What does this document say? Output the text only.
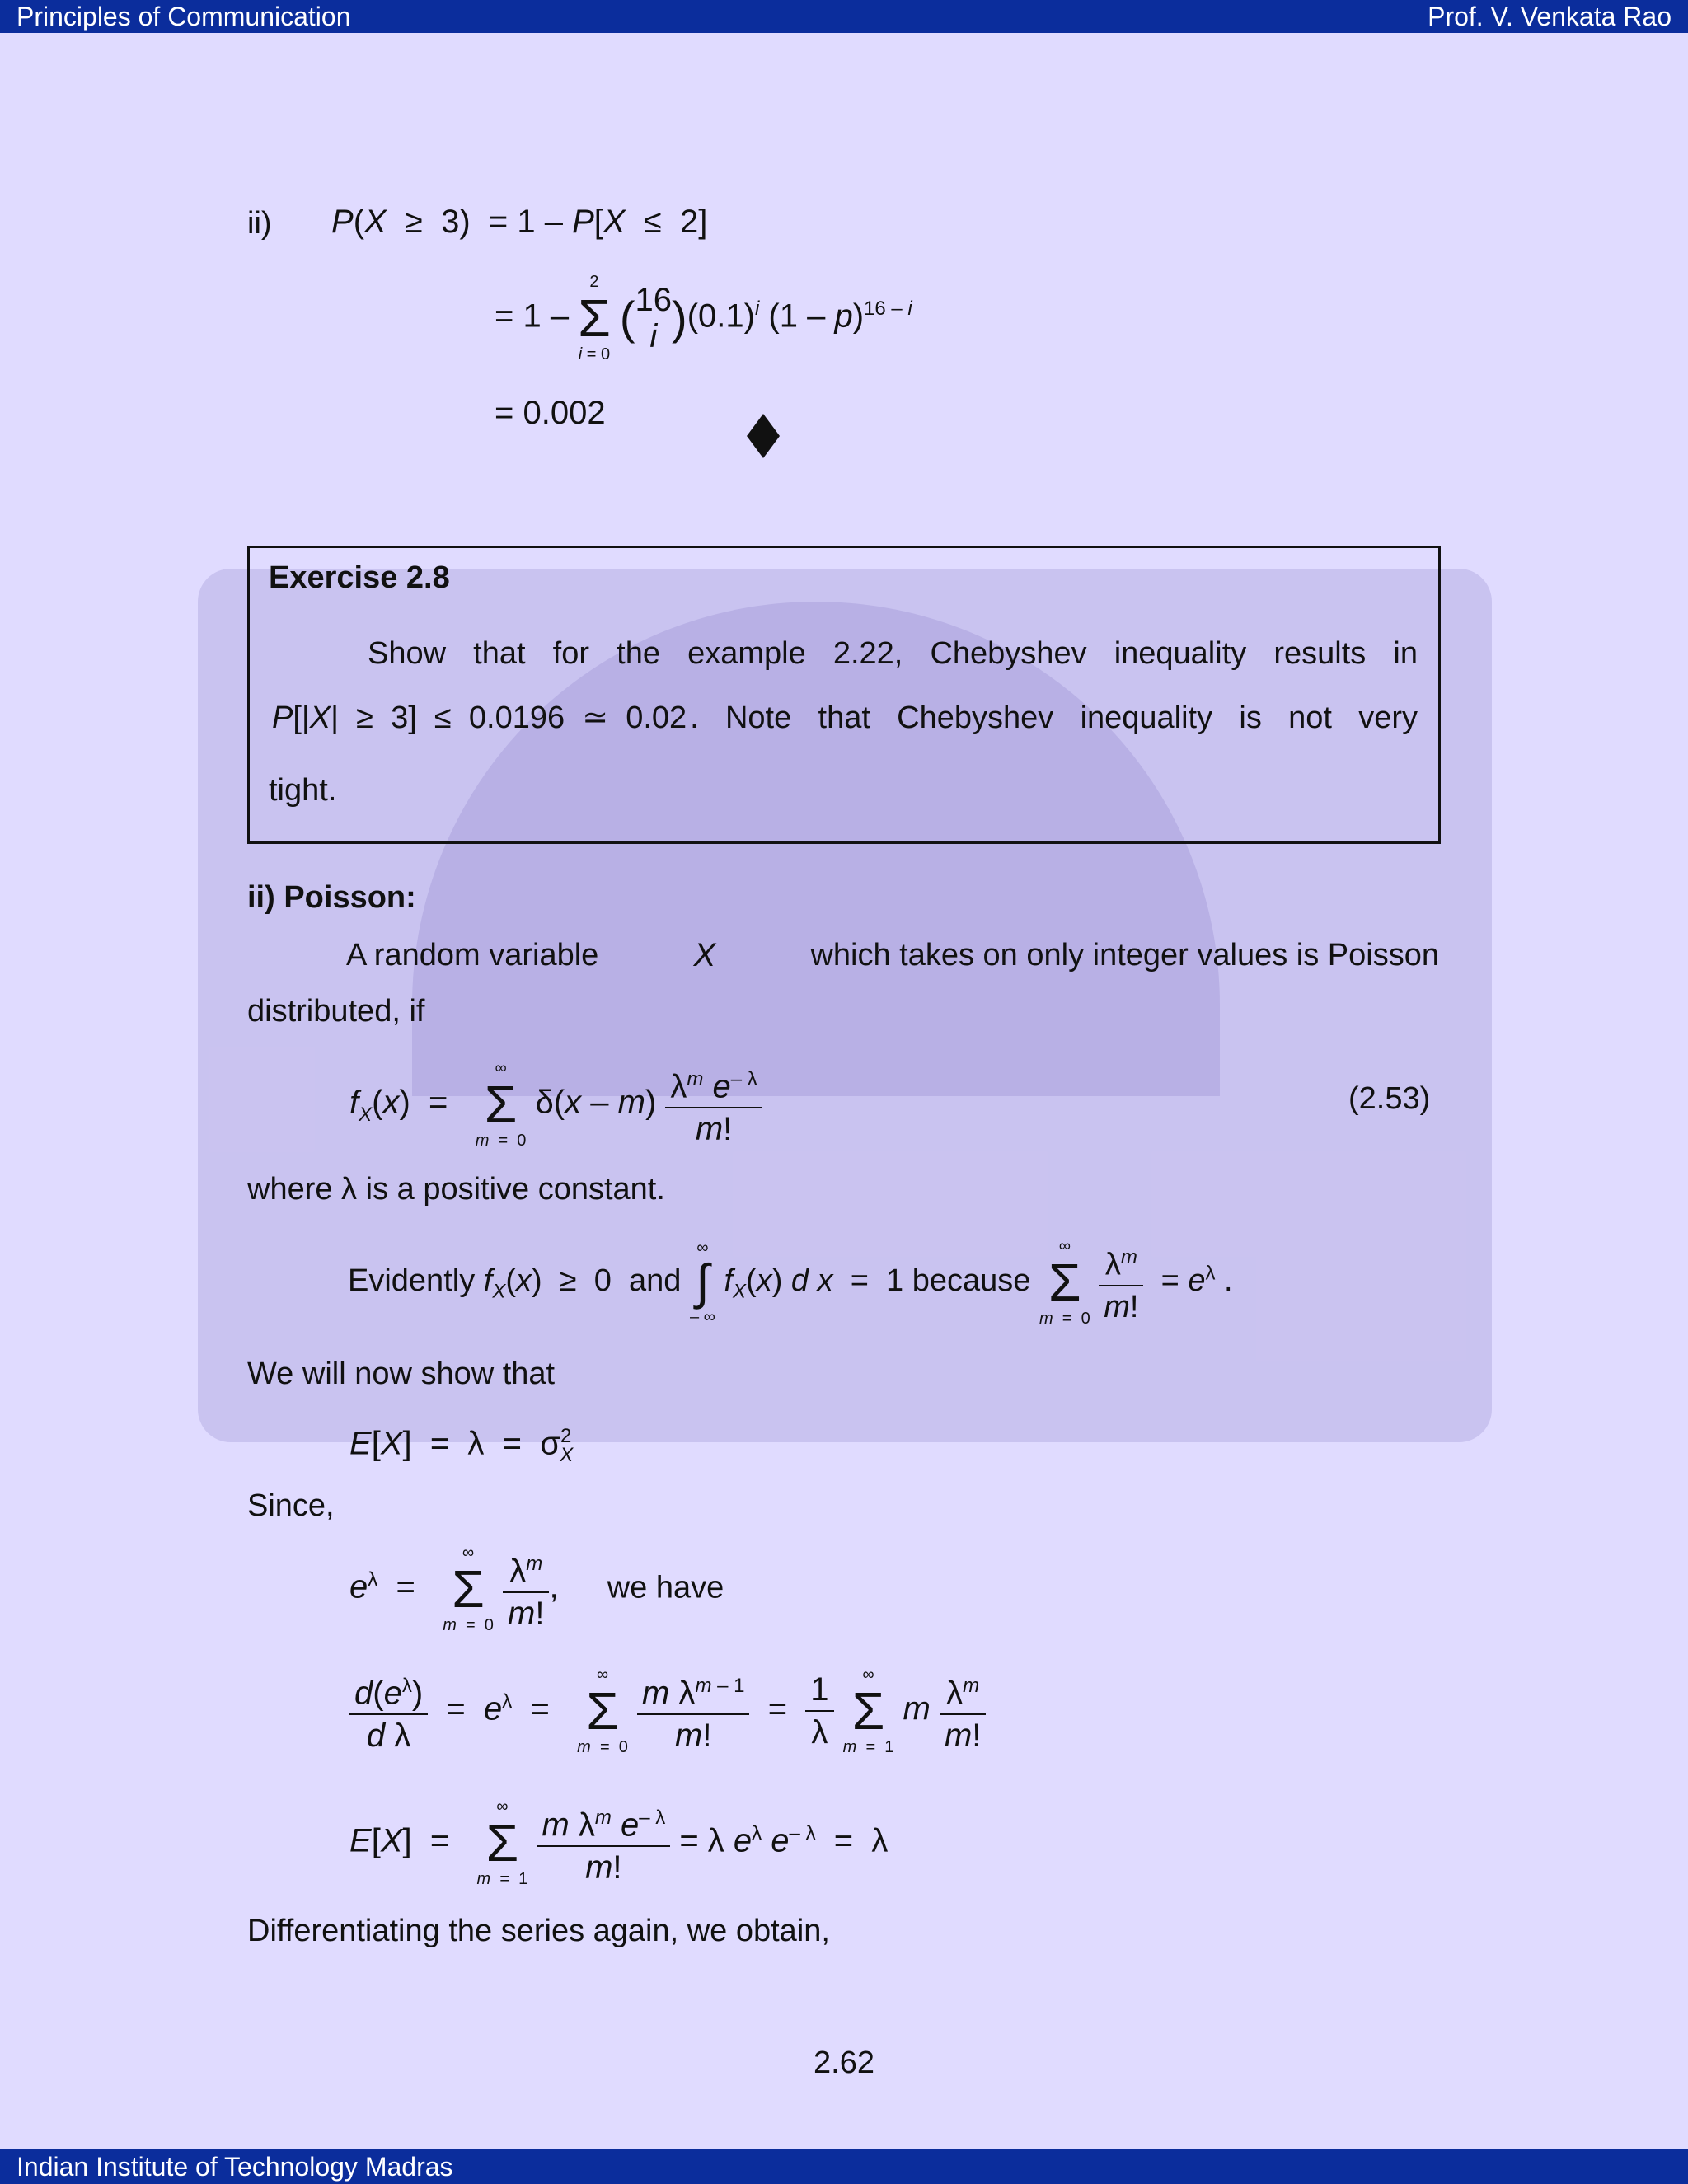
Principles of Communication	Prof. V. Venkata Rao
ii) P(X  ≥  3)  = 1 – P[X  ≤  2]
= 1 –
2
Σ
i = 0
(16
i )$(0.1)^i$ (1 – p)$^{16 - i}$
= 0.002
Exercise 2.8
Show that for the example 2.22, Chebyshev inequality results in
P[|X|  ≥  3]  ≤  0.0196  ≃  0.02 . Note that Chebyshev inequality is not very
tight.
ii) Poisson:
A random variable	X	which takes on only integer values is Poisson
distributed, if
$f_X(x)$  =
∞
Σ
m  =  0
$\delta(x - m) \frac{\lambda^m e^{- \lambda}}{m!}$	(2.53)
where λ is a positive constant.
Evidently $f_X(x) \ge 0$  and
∞
∫
– ∞
$f_X(x)$ d x  =  1 because
∞
Σ
m  =  0
$\frac{\lambda^m}{m!} = e^\lambda$ .
We will now show that
$E[X] = \lambda = \sigma^2_X$
Since,
$e^\lambda$  =
∞
Σ
m  =  0
$\frac{\lambda^m}{m!}$ , we have
$\frac{d(e^\lambda)}{\text{d λ}} = e^\lambda$  =
∞
Σ
m  =  0
$\frac{m \lambda^{m - 1}}{m!} = \frac{1}{\lambda}$
	∞
Σ
m  =  1
m $\frac{\lambda^m}{m!}$
E[X]  =
∞
Σ
m  =  1
$\frac{m \lambda^m e^{- \lambda}}{m!} = \lambda$ $e^\lambda$ $e^{- \lambda} = \lambda$
Differentiating the series again, we obtain,
2.62
Indian Institute of Technology Madras
